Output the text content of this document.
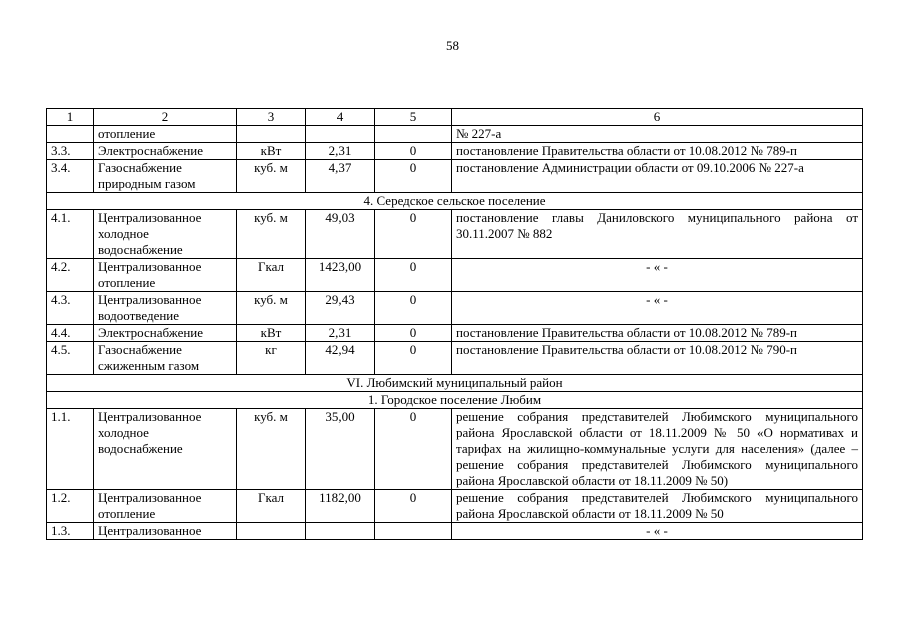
58
1	2	3	4	5	6
	отопление				№ 227-а
3.3.	Электроснабжение	кВт	2,31	0	постановление Правительства области от 10.08.2012 № 789-п
3.4.	Газоснабжение природным газом	куб. м	4,37	0	постановление Администрации области от 09.10.2006 № 227-а
4. Середское сельское поселение					
4.1.	Централизованное холодное водоснабжение	куб. м	49,03	0	постановление главы Даниловского муниципального района от 30.11.2007 № 882
4.2.	Централизованное отопление	Гкал	1423,00	0	- « -
4.3.	Централизованное водоотведение	куб. м	29,43	0	- « -
4.4.	Электроснабжение	кВт	2,31	0	постановление Правительства области от 10.08.2012 № 789-п
4.5.	Газоснабжение сжиженным газом	кг	42,94	0	постановление Правительства области от 10.08.2012 № 790-п
VI. Любимский муниципальный район					
1. Городское поселение Любим					
1.1.	Централизованное холодное водоснабжение	куб. м	35,00	0	решение собрания представителей Любимского муниципального района Ярославской области от 18.11.2009 № 50 «О нормативах и тарифах на жилищно-коммунальные услуги для населения» (далее – решение собрания представителей Любимского муниципального района Ярославской области от 18.11.2009 № 50)
1.2.	Централизованное отопление	Гкал	1182,00	0	решение собрания представителей Любимского муниципального района Ярославской области от 18.11.2009 № 50
1.3.	Централизованное				- « -
